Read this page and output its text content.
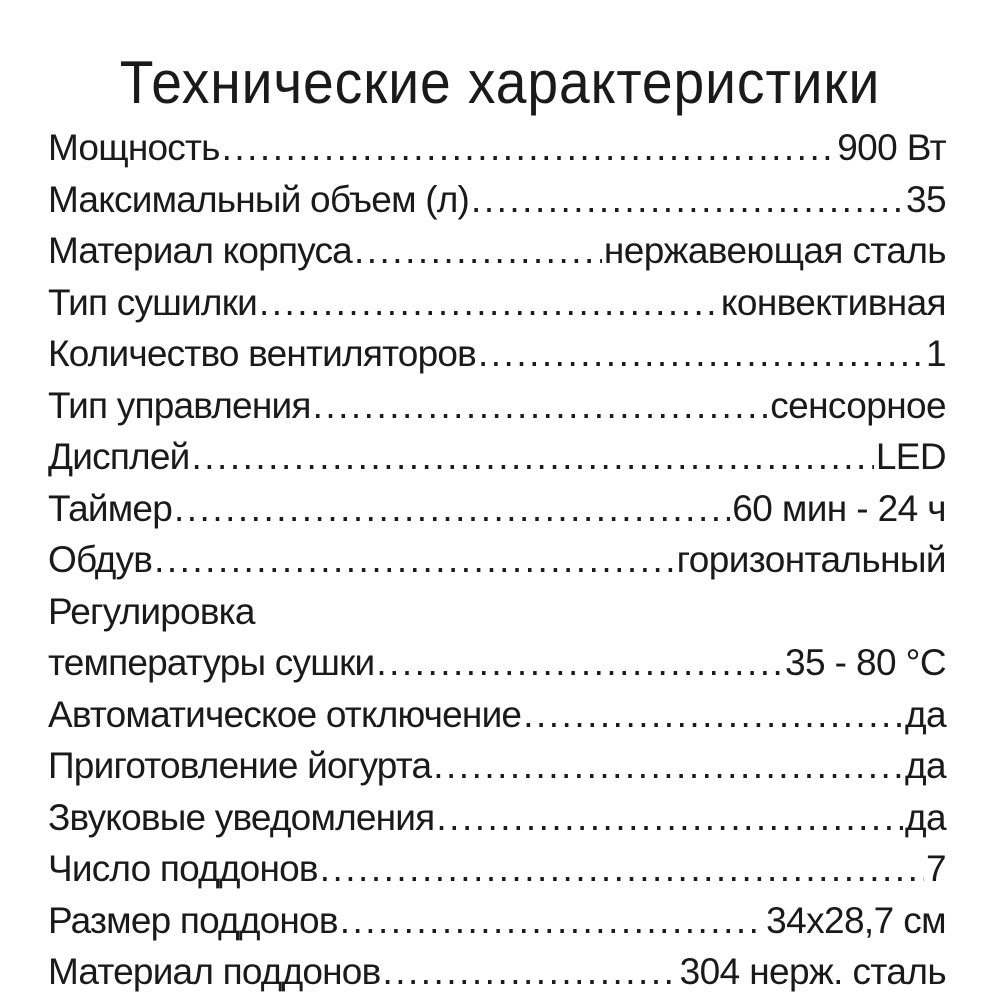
Технические характеристики
Мощность .....	900 Вт
Максимальный объем (л) .....	35
Материал корпуса .....	нержавеющая сталь
Тип сушилки .....	конвективная
Количество вентиляторов .....	1
Тип управления .....	сенсорное
Дисплей .....	LED
Таймер .....	60 мин - 24 ч
Обдув .....	горизонтальный
Регулировка
температуры сушки .....	35 - 80 °С
Автоматическое отключение .....	да
Приготовление йогурта .....	да
Звуковые уведомления .....	да
Число поддонов .....	7
Размер поддонов .....	34х28,7 см
Материал поддонов .....	304 нерж. сталь
